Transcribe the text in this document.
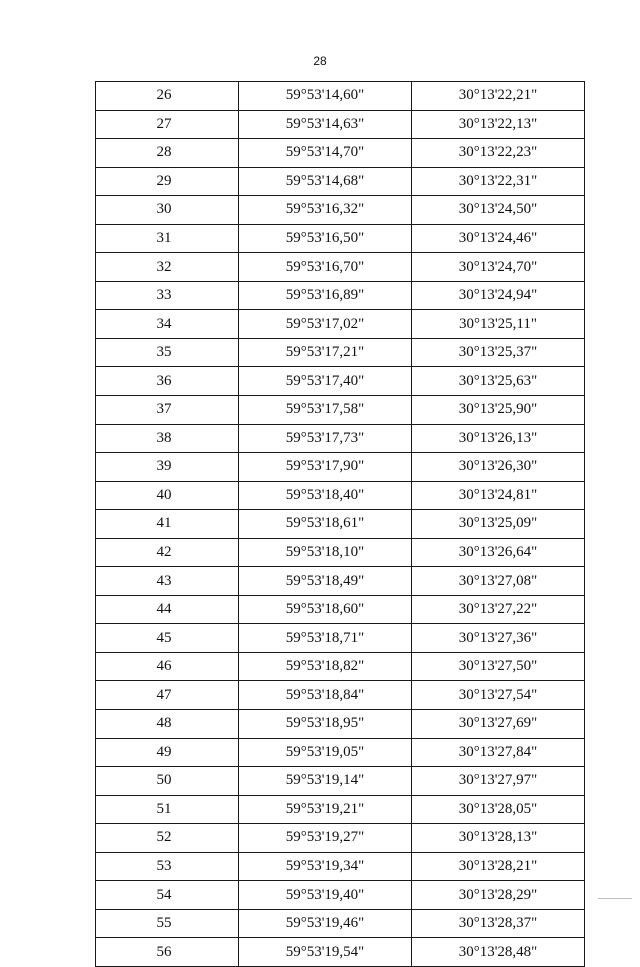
28
26	59°53'14,60"	30°13'22,21"
27	59°53'14,63"	30°13'22,13"
28	59°53'14,70"	30°13'22,23"
29	59°53'14,68"	30°13'22,31"
30	59°53'16,32"	30°13'24,50"
31	59°53'16,50"	30°13'24,46"
32	59°53'16,70"	30°13'24,70"
33	59°53'16,89"	30°13'24,94"
34	59°53'17,02"	30°13'25,11"
35	59°53'17,21"	30°13'25,37"
36	59°53'17,40"	30°13'25,63"
37	59°53'17,58"	30°13'25,90"
38	59°53'17,73"	30°13'26,13"
39	59°53'17,90"	30°13'26,30"
40	59°53'18,40"	30°13'24,81"
41	59°53'18,61"	30°13'25,09"
42	59°53'18,10"	30°13'26,64"
43	59°53'18,49"	30°13'27,08"
44	59°53'18,60"	30°13'27,22"
45	59°53'18,71"	30°13'27,36"
46	59°53'18,82"	30°13'27,50"
47	59°53'18,84"	30°13'27,54"
48	59°53'18,95"	30°13'27,69"
49	59°53'19,05"	30°13'27,84"
50	59°53'19,14"	30°13'27,97"
51	59°53'19,21"	30°13'28,05"
52	59°53'19,27"	30°13'28,13"
53	59°53'19,34"	30°13'28,21"
54	59°53'19,40"	30°13'28,29"
55	59°53'19,46"	30°13'28,37"
56	59°53'19,54"	30°13'28,48"
